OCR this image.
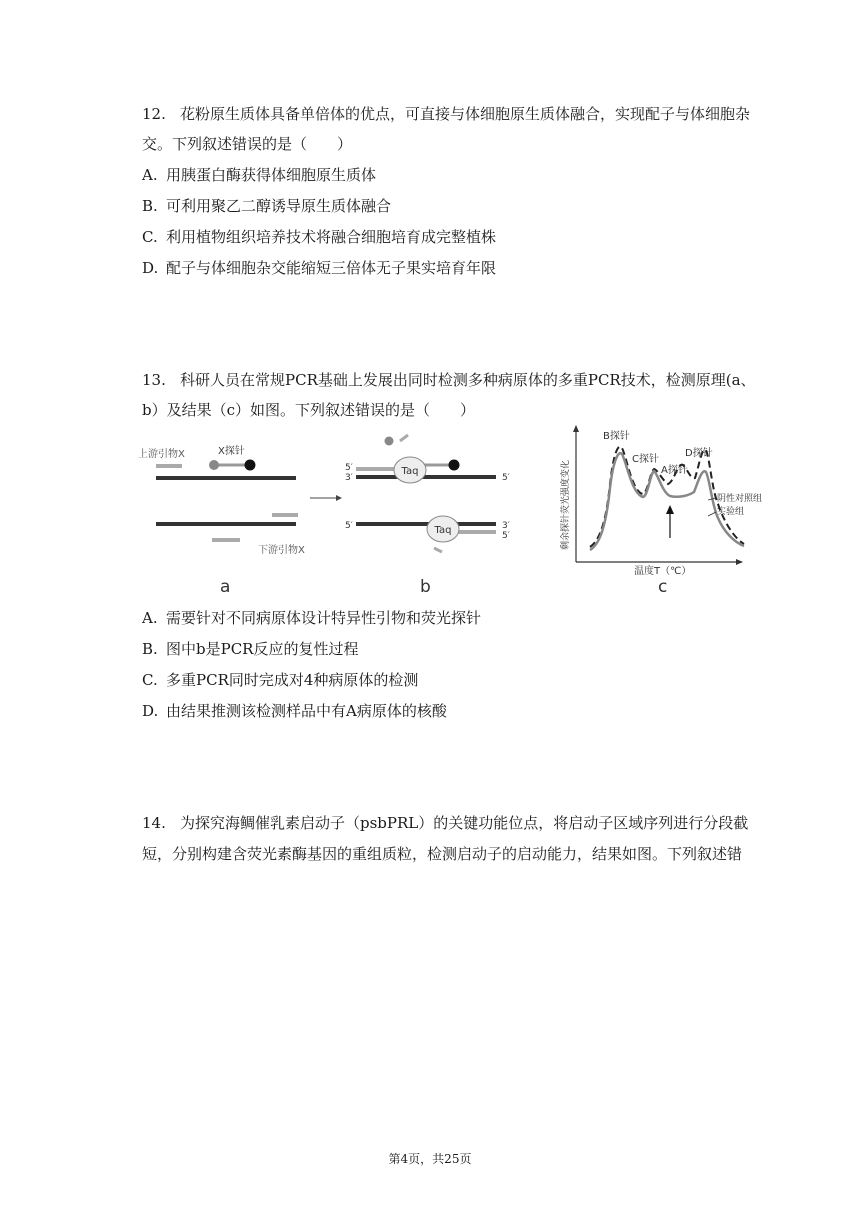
12. 花粉原生质体具备单倍体的优点，可直接与体细胞原生质体融合，实现配子与体细胞杂
交。下列叙述错误的是（　　）
A. 用胰蛋白酶获得体细胞原生质体
B. 可利用聚乙二醇诱导原生质体融合
C. 利用植物组织培养技术将融合细胞培育成完整植株
D. 配子与体细胞杂交能缩短三倍体无子果实培育年限
13. 科研人员在常规PCR基础上发展出同时检测多种病原体的多重PCR技术，检测原理(a、
b）及结果（c）如图。下列叙述错误的是（　　）
上游引物X	X探针
下游引物X
a
5′
3′
Taq
5′
5′	Taq	3′
5′
b
剩余探针荧光强度变化
温度T（℃）
B探针
C探针
A探针
D探针
阴性对照组
实验组
c
A. 需要针对不同病原体设计特异性引物和荧光探针
B. 图中b是PCR反应的复性过程
C. 多重PCR同时完成对4种病原体的检测
D. 由结果推测该检测样品中有A病原体的核酸
14. 为探究海鲷催乳素启动子（psbPRL）的关键功能位点，将启动子区域序列进行分段截
短，分别构建含荧光素酶基因的重组质粒，检测启动子的启动能力，结果如图。下列叙述错
第4页，共25页
